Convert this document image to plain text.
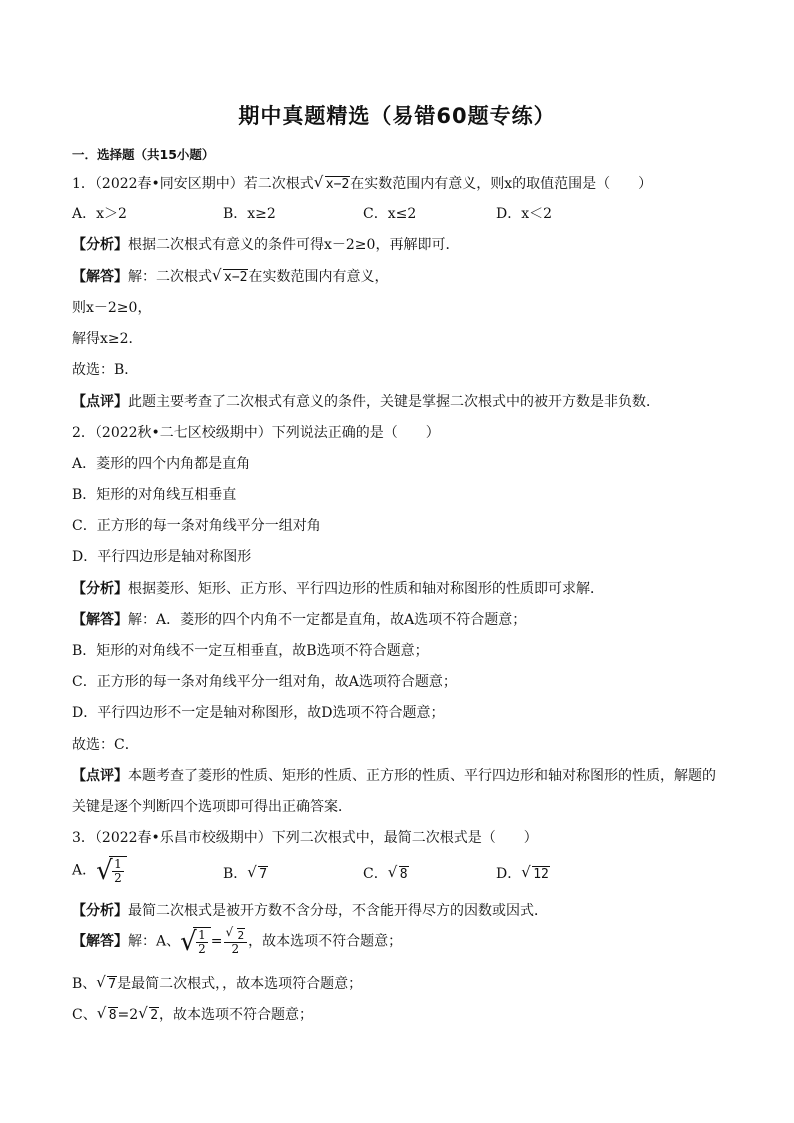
期中真题精选（易错60题专练）
一．选择题（共15小题）
1．（2022春•同安区期中）若二次根式 √ x−2在实数范围内有意义，则x的取值范围是（　　）
A．x＞2	B．x≥2	C．x≤2	D．x＜2
【分析】根据二次根式有意义的条件可得x－2≥0，再解即可．
【解答】解：二次根式 √ x−2在实数范围内有意义，
则x－2≥0，
解得x≥2．
故选：B．
【点评】此题主要考查了二次根式有意义的条件，关键是掌握二次根式中的被开方数是非负数．
2．（2022秋•二七区校级期中）下列说法正确的是（　　）
A．菱形的四个内角都是直角
B．矩形的对角线互相垂直
C．正方形的每一条对角线平分一组对角
D．平行四边形是轴对称图形
【分析】根据菱形、矩形、正方形、平行四边形的性质和轴对称图形的性质即可求解．
【解答】解：A．菱形的四个内角不一定都是直角，故A选项不符合题意；
B．矩形的对角线不一定互相垂直，故B选项不符合题意；
C．正方形的每一条对角线平分一组对角，故A选项符合题意；
D．平行四边形不一定是轴对称图形，故D选项不符合题意；
故选：C．
【点评】本题考查了菱形的性质、矩形的性质、正方形的性质、平行四边形和轴对称图形的性质，解题的
关键是逐个判断四个选项即可得出正确答案．
3．（2022春•乐昌市校级期中）下列二次根式中，最简二次根式是（　　）
A． √ $\frac{1}{2}$	B． √ 7	C． √ 8	D． √ 12
【分析】最简二次根式是被开方数不含分母，不含能开得尽方的因数或因式．
【解答】解：A、 √ $\frac{1}{2} = \frac{√ 2}{2}$ ，故本选项不符合题意；
B、 √ 7是最简二次根式，，故本选项符合题意；
C、 √ 8=2 √ 2，故本选项不符合题意；
